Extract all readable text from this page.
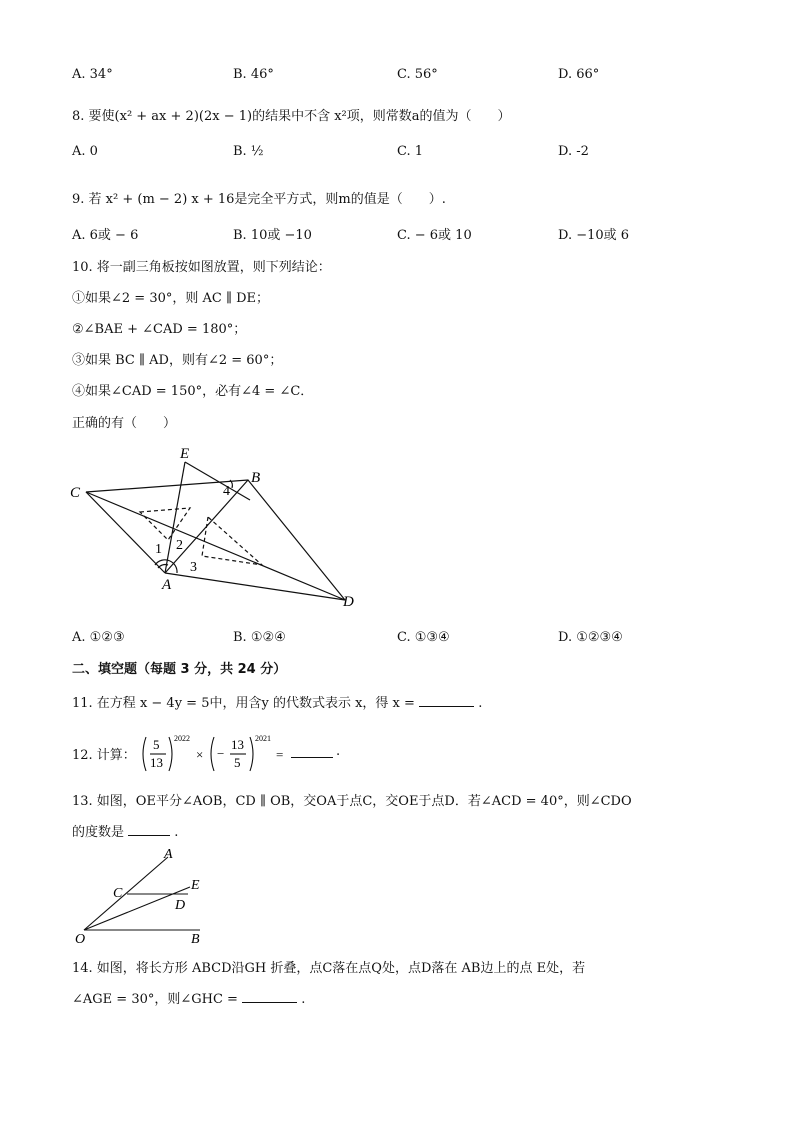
A. 34°	B. 46°	C. 56°	D. 66°
8. 要使(x² + ax + 2)(2x − 1)的结果中不含 x²项，则常数a的值为（　　）
A. 0	B. ½	C. 1	D. -2
9. 若 x² + (m − 2) x + 16是完全平方式，则m的值是（　　）.
A. 6或 − 6	B. 10或 −10	C. − 6或 10	D. −10或 6
10. 将一副三角板按如图放置，则下列结论：
①如果∠2 = 30°，则 AC ∥ DE；
②∠BAE + ∠CAD = 180°；
③如果 BC ∥ AD，则有∠2 = 60°；
④如果∠CAD = 150°，必有∠4 = ∠C．
正确的有（　　）
E
B
C
A
D
1 2
3
4
A. ①②③	B. ①②④	C. ①③④	D. ①②③④
二、填空题（每题 3 分，共 24 分）
11. 在方程 x − 4y = 5中，用含y 的代数式表示 x，得 x =	.
12. 计算：
5
13
2022
× −
13
5
2021
=	.
13. 如图，OE平分∠AOB，CD ∥ OB，交OA于点C，交OE于点D．若∠ACD = 40°，则∠CDO
的度数是	.
A
C
E
D
O	B
14. 如图，将长方形 ABCD沿GH 折叠，点C落在点Q处，点D落在 AB边上的点 E处，若
∠AGE = 30°，则∠GHC =	.
